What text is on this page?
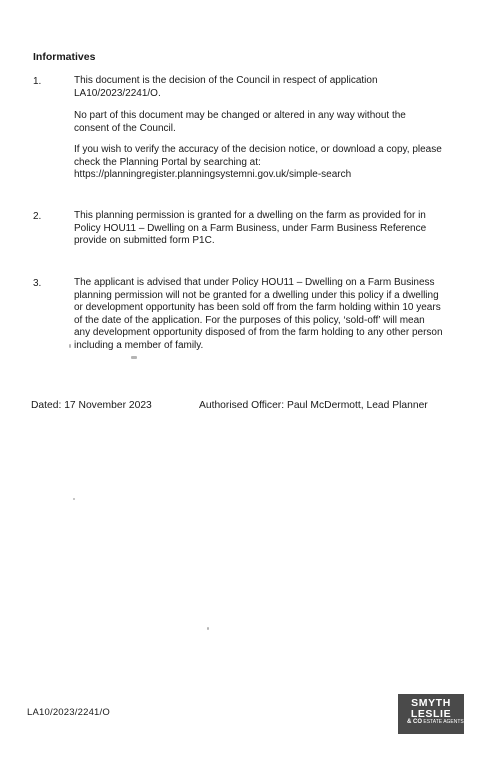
Informatives
1.	This document is the decision of the Council in respect of application
LA10/2023/2241/O.

No part of this document may be changed or altered in any way without the
consent of the Council.

If you wish to verify the accuracy of the decision notice, or download a copy, please
check the Planning Portal by searching at:
https://planningregister.planningsystemni.gov.uk/simple-search

2.	This planning permission is granted for a dwelling on the farm as provided for in
Policy HOU11 – Dwelling on a Farm Business, under Farm Business Reference
provide on submitted form P1C.

3.	The applicant is advised that under Policy HOU11 – Dwelling on a Farm Business
planning permission will not be granted for a dwelling under this policy if a dwelling
or development opportunity has been sold off from the farm holding within 10 years
of the date of the application. For the purposes of this policy, ‘sold-off’ will mean
any development opportunity disposed of from the farm holding to any other person
including a member of family.

Dated: 17 November 2023	Authorised Officer: Paul McDermott, Lead Planner
LA10/2023/2241/O
SMYTH
LESLIE
& CO ESTATE AGENTS
